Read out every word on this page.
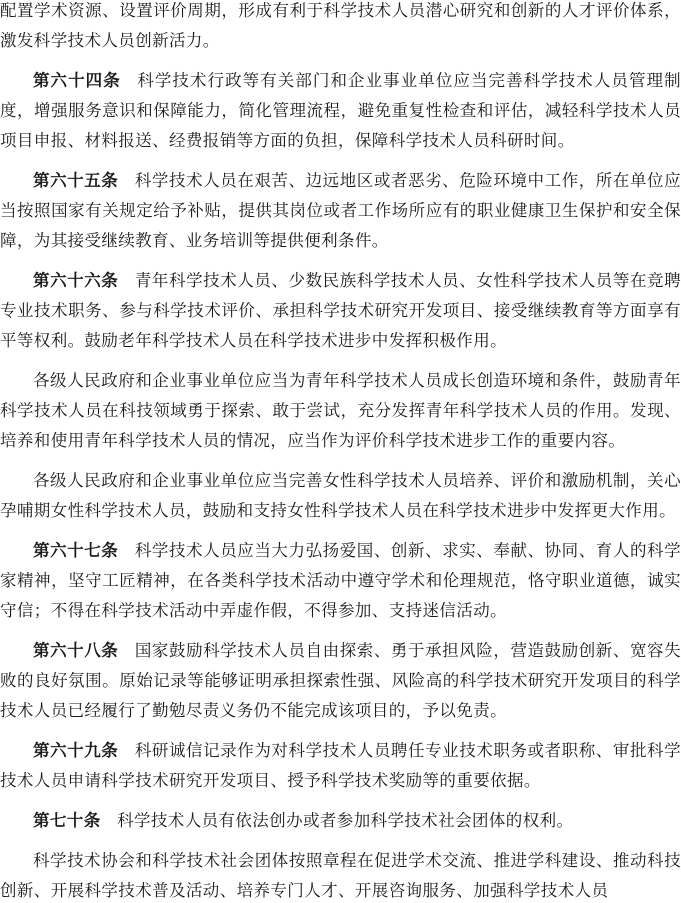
配置学术资源、设置评价周期，形成有利于科学技术人员潜心研究和创新的人才评价体系，激发科学技术人员创新活力。

第六十四条 科学技术行政等有关部门和企业事业单位应当完善科学技术人员管理制度，增强服务意识和保障能力，简化管理流程，避免重复性检查和评估，减轻科学技术人员项目申报、材料报送、经费报销等方面的负担，保障科学技术人员科研时间。

第六十五条 科学技术人员在艰苦、边远地区或者恶劣、危险环境中工作，所在单位应当按照国家有关规定给予补贴，提供其岗位或者工作场所应有的职业健康卫生保护和安全保障，为其接受继续教育、业务培训等提供便利条件。

第六十六条 青年科学技术人员、少数民族科学技术人员、女性科学技术人员等在竞聘专业技术职务、参与科学技术评价、承担科学技术研究开发项目、接受继续教育等方面享有平等权利。鼓励老年科学技术人员在科学技术进步中发挥积极作用。

各级人民政府和企业事业单位应当为青年科学技术人员成长创造环境和条件，鼓励青年科学技术人员在科技领域勇于探索、敢于尝试，充分发挥青年科学技术人员的作用。发现、培养和使用青年科学技术人员的情况，应当作为评价科学技术进步工作的重要内容。

各级人民政府和企业事业单位应当完善女性科学技术人员培养、评价和激励机制，关心孕哺期女性科学技术人员，鼓励和支持女性科学技术人员在科学技术进步中发挥更大作用。

第六十七条 科学技术人员应当大力弘扬爱国、创新、求实、奉献、协同、育人的科学家精神，坚守工匠精神，在各类科学技术活动中遵守学术和伦理规范，恪守职业道德，诚实守信；不得在科学技术活动中弄虚作假，不得参加、支持迷信活动。

第六十八条 国家鼓励科学技术人员自由探索、勇于承担风险，营造鼓励创新、宽容失败的良好氛围。原始记录等能够证明承担探索性强、风险高的科学技术研究开发项目的科学技术人员已经履行了勤勉尽责义务仍不能完成该项目的，予以免责。

第六十九条 科研诚信记录作为对科学技术人员聘任专业技术职务或者职称、审批科学技术人员申请科学技术研究开发项目、授予科学技术奖励等的重要依据。

第七十条 科学技术人员有依法创办或者参加科学技术社会团体的权利。

科学技术协会和科学技术社会团体按照章程在促进学术交流、推进学科建设、推动科技创新、开展科学技术普及活动、培养专门人才、开展咨询服务、加强科学技术人员
